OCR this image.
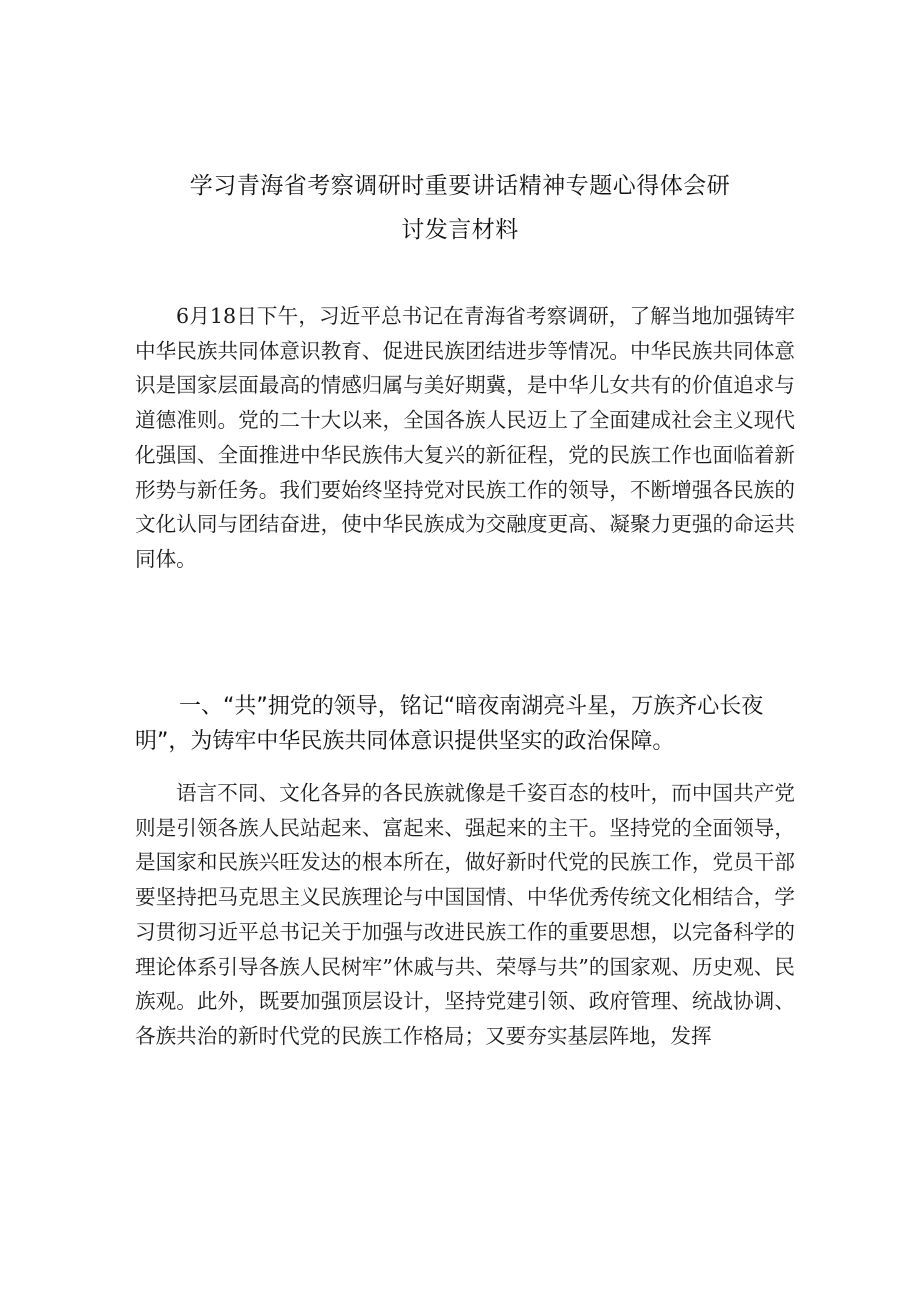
学习青海省考察调研时重要讲话精神专题心得体会研
讨发言材料

6月18日下午，习近平总书记在青海省考察调研，了解当地加强铸牢中华民族共同体意识教育、促进民族团结进步等情况。中华民族共同体意识是国家层面最高的情感归属与美好期冀，是中华儿女共有的价值追求与道德准则。党的二十大以来，全国各族人民迈上了全面建成社会主义现代化强国、全面推进中华民族伟大复兴的新征程，党的民族工作也面临着新形势与新任务。我们要始终坚持党对民族工作的领导，不断增强各民族的文化认同与团结奋进，使中华民族成为交融度更高、凝聚力更强的命运共同体。

一、“共”拥党的领导，铭记“暗夜南湖亮斗星，万族齐心长夜明”，为铸牢中华民族共同体意识提供坚实的政治保障。

语言不同、文化各异的各民族就像是千姿百态的枝叶，而中国共产党则是引领各族人民站起来、富起来、强起来的主干。坚持党的全面领导，是国家和民族兴旺发达的根本所在，做好新时代党的民族工作，党员干部要坚持把马克思主义民族理论与中国国情、中华优秀传统文化相结合，学习贯彻习近平总书记关于加强与改进民族工作的重要思想，以完备科学的理论体系引导各族人民树牢”休戚与共、荣辱与共”的国家观、历史观、民族观。此外，既要加强顶层设计，坚持党建引领、政府管理、统战协调、各族共治的新时代党的民族工作格局；又要夯实基层阵地，发挥
